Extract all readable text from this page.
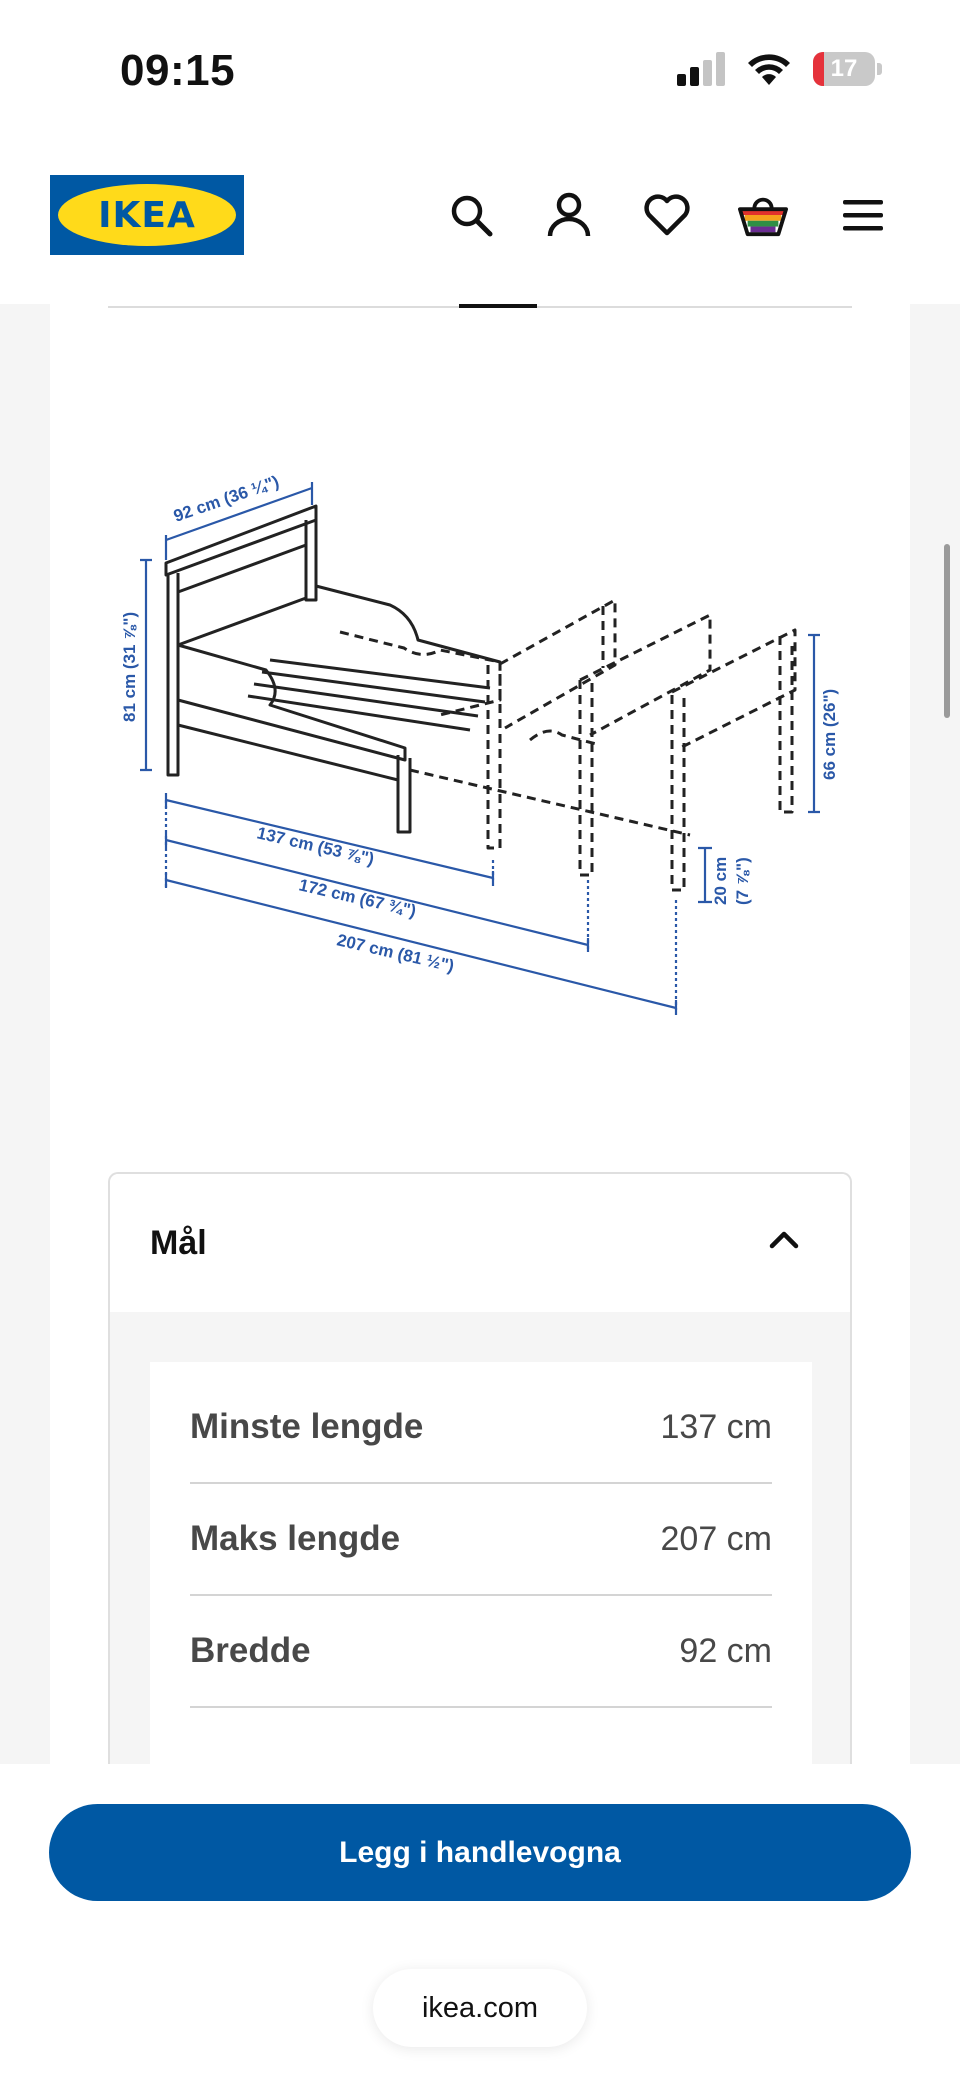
09:15	17
IKEA
92 cm (36 ¼")
81 cm (31 ⅞")
137 cm (53 ⅞")
172 cm (67 ¾")
207 cm (81 ½")
66 cm (26")
20 cm (7 ⅞")
Mål
Minste lengde	137 cm
Maks lengde	207 cm
Bredde	92 cm
Legg i handlevogna
ikea.com
